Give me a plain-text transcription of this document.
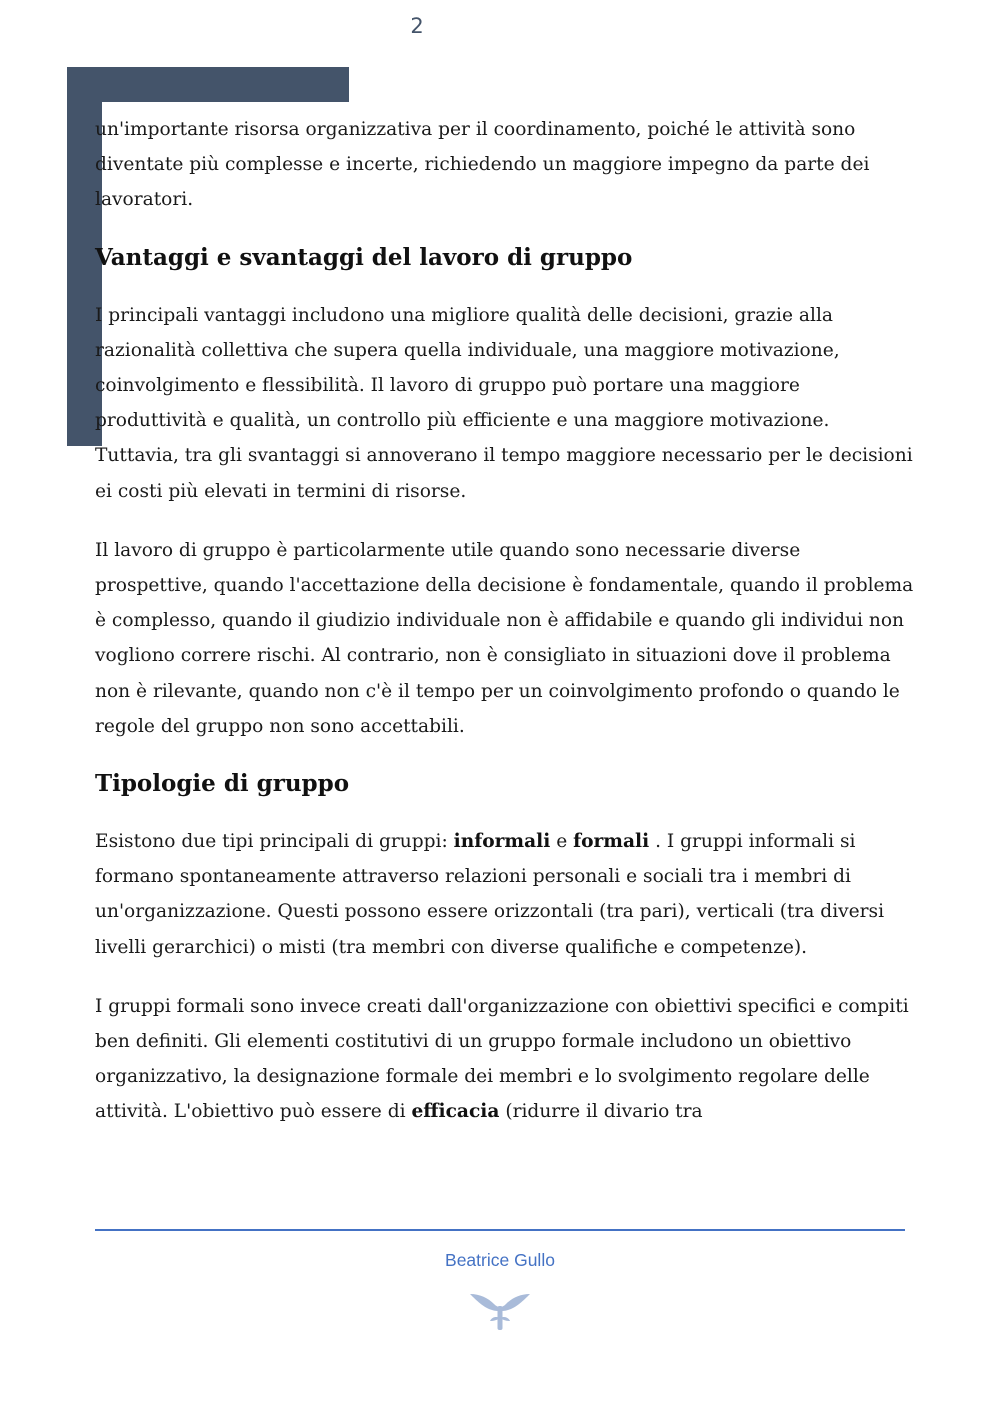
2

un'importante risorsa organizzativa per il coordinamento, poiché le attività sono diventate più complesse e incerte, richiedendo un maggiore impegno da parte dei lavoratori.

Vantaggi e svantaggi del lavoro di gruppo

I principali vantaggi includono una migliore qualità delle decisioni, grazie alla razionalità collettiva che supera quella individuale, una maggiore motivazione, coinvolgimento e flessibilità. Il lavoro di gruppo può portare una maggiore produttività e qualità, un controllo più efficiente e una maggiore motivazione. Tuttavia, tra gli svantaggi si annoverano il tempo maggiore necessario per le decisioni ei costi più elevati in termini di risorse.

Il lavoro di gruppo è particolarmente utile quando sono necessarie diverse prospettive, quando l'accettazione della decisione è fondamentale, quando il problema è complesso, quando il giudizio individuale non è affidabile e quando gli individui non vogliono correre rischi. Al contrario, non è consigliato in situazioni dove il problema non è rilevante, quando non c'è il tempo per un coinvolgimento profondo o quando le regole del gruppo non sono accettabili.

Tipologie di gruppo

Esistono due tipi principali di gruppi: informali e formali . I gruppi informali si formano spontaneamente attraverso relazioni personali e sociali tra i membri di un'organizzazione. Questi possono essere orizzontali (tra pari), verticali (tra diversi livelli gerarchici) o misti (tra membri con diverse qualifiche e competenze).

I gruppi formali sono invece creati dall'organizzazione con obiettivi specifici e compiti ben definiti. Gli elementi costitutivi di un gruppo formale includono un obiettivo organizzativo, la designazione formale dei membri e lo svolgimento regolare delle attività. L'obiettivo può essere di efficacia (ridurre il divario tra

Beatrice Gullo
